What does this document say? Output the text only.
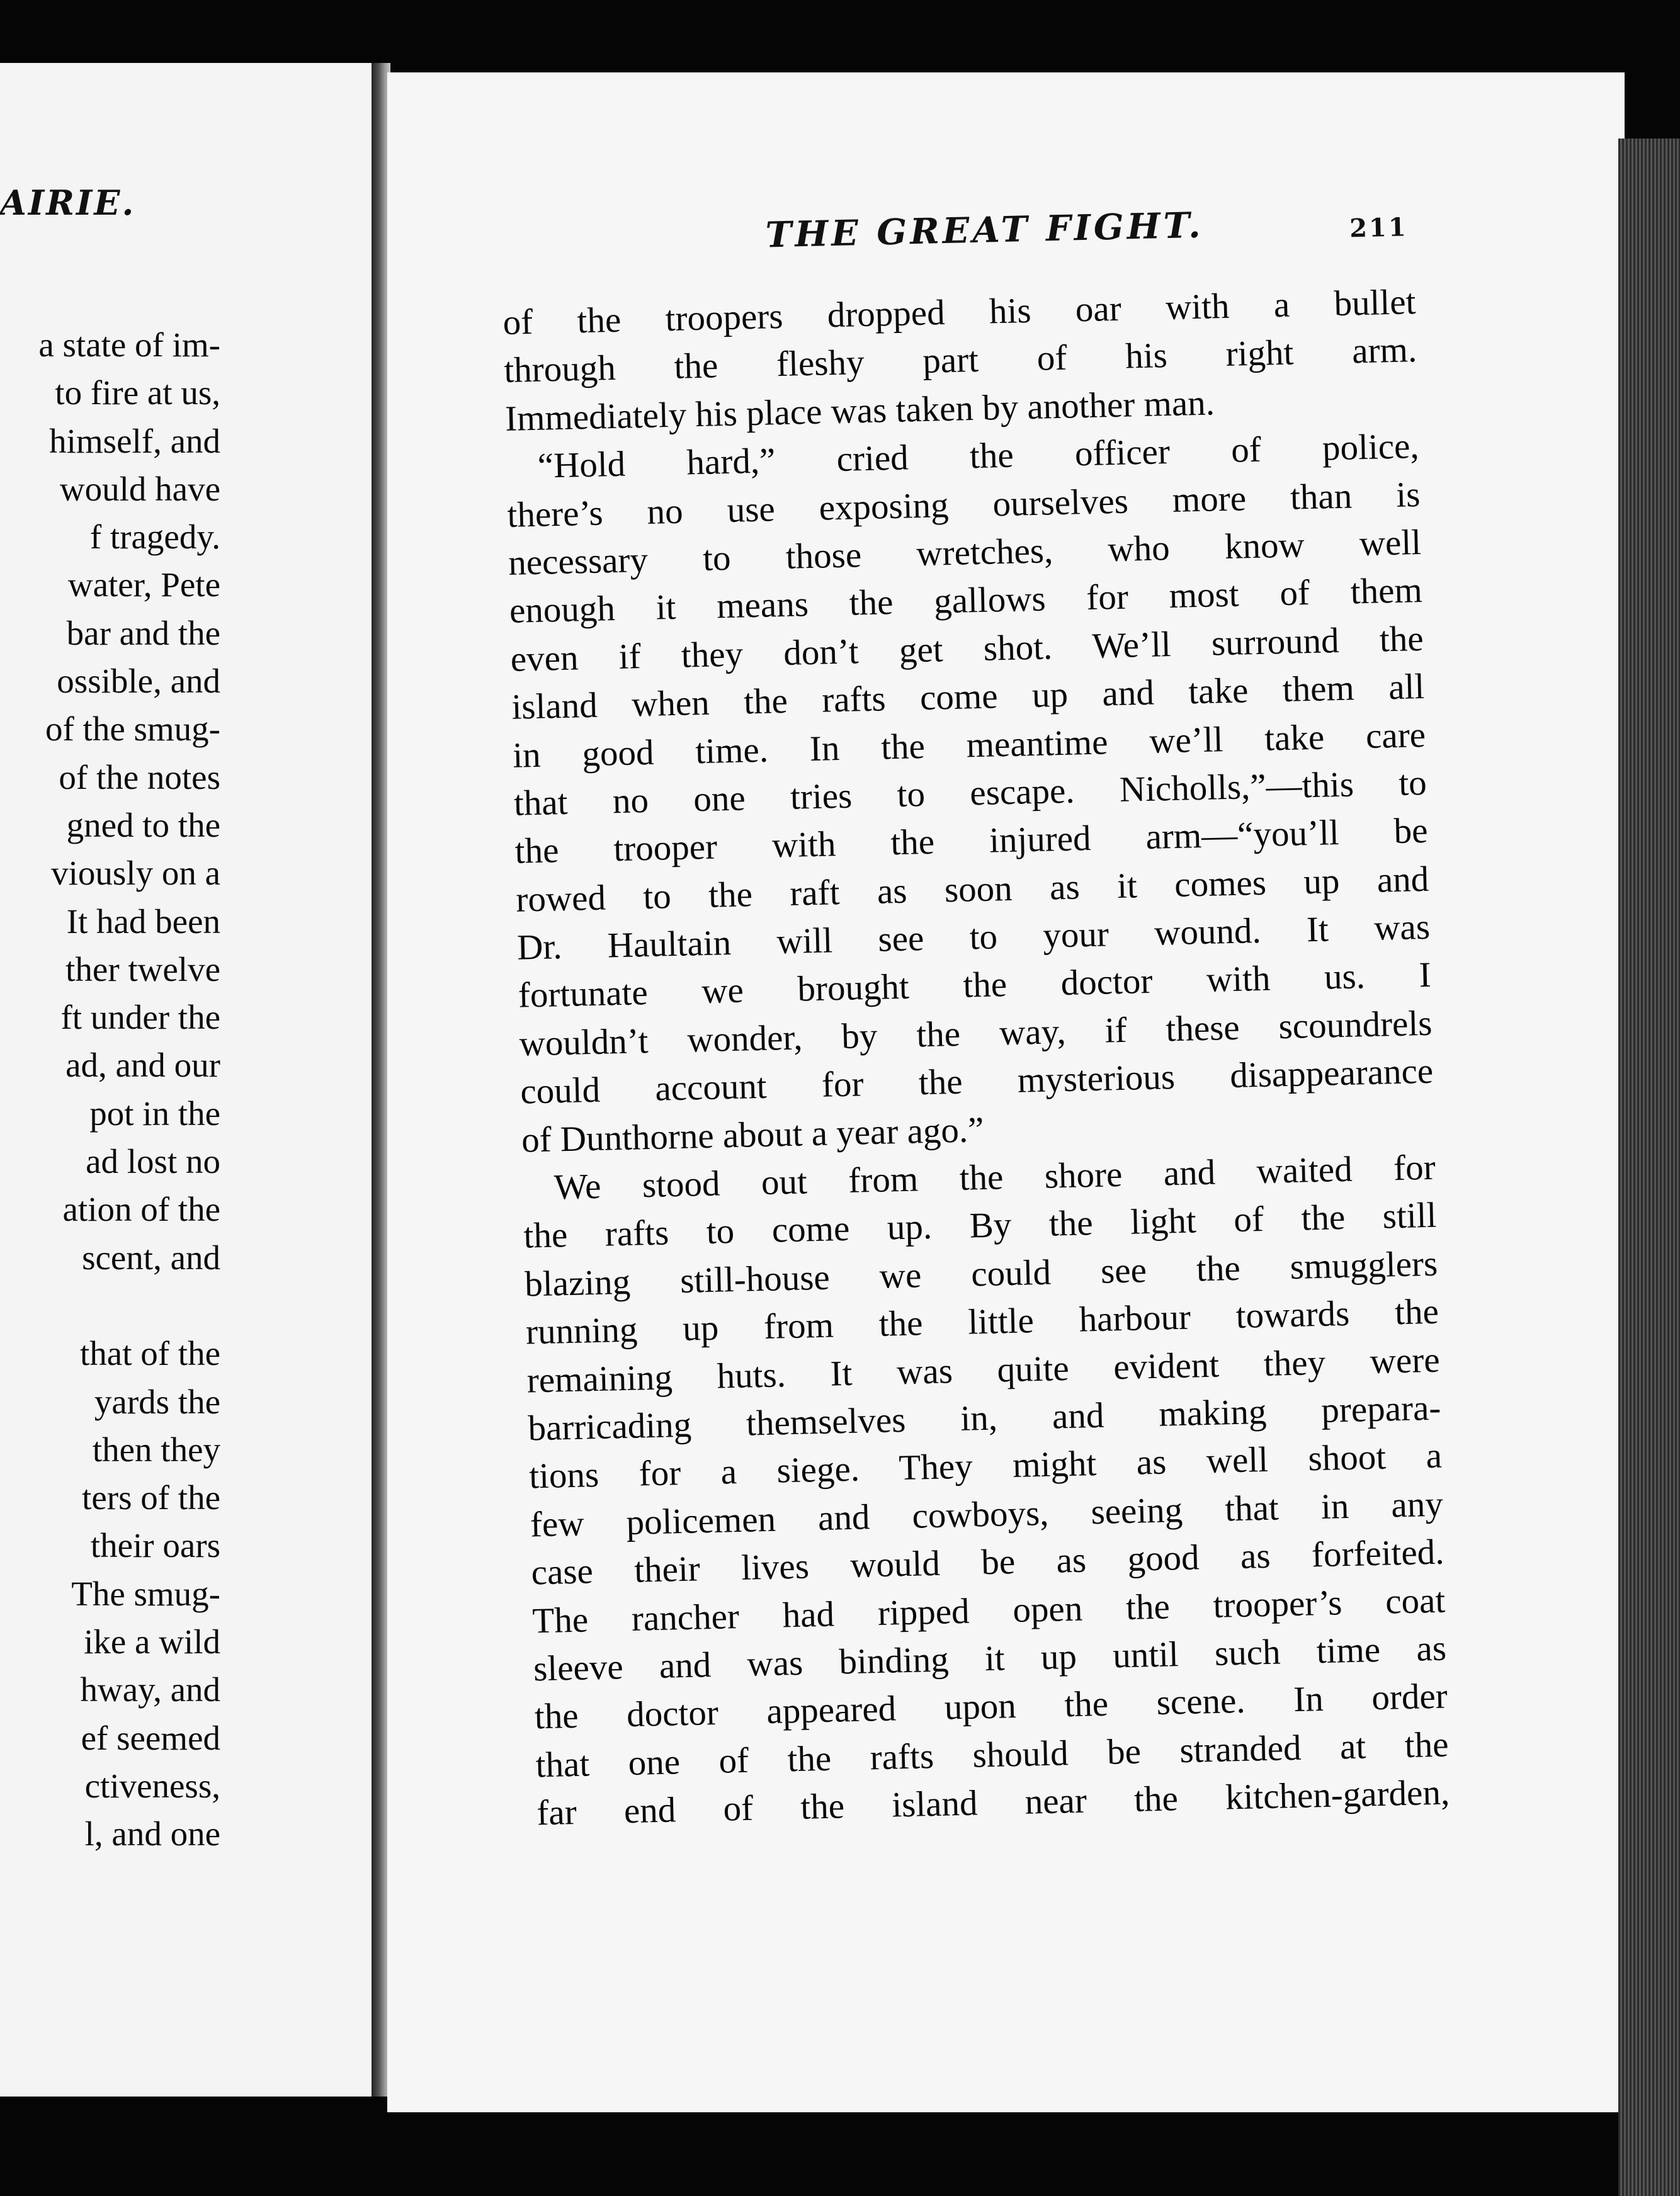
AIRIE.
a state of im-
to fire at us,
himself, and
would have
f tragedy.
water, Pete
bar and the
ossible, and
of the smug-
of the notes
gned to the
viously on a
It had been
ther twelve
ft under the
ad, and our
pot in the
ad lost no
ation of the
scent, and
that of the
yards the
then they
ters of the
their oars
The smug-
ike a wild
hway, and
ef seemed
ctiveness,
l, and one
THE GREAT FIGHT.	211
of the troopers dropped his oar with a bullet
through the fleshy part of his right arm.
Immediately his place was taken by another man.
“Hold hard,” cried the officer of police,
there’s no use exposing ourselves more than is
necessary to those wretches, who know well
enough it means the gallows for most of them
even if they don’t get shot. We’ll surround the
island when the rafts come up and take them all
in good time. In the meantime we’ll take care
that no one tries to escape. Nicholls,”—this to
the trooper with the injured arm—“you’ll be
rowed to the raft as soon as it comes up and
Dr. Haultain will see to your wound. It was
fortunate we brought the doctor with us. I
wouldn’t wonder, by the way, if these scoundrels
could account for the mysterious disappearance
of Dunthorne about a year ago.”
We stood out from the shore and waited for
the rafts to come up. By the light of the still
blazing still-house we could see the smugglers
running up from the little harbour towards the
remaining huts. It was quite evident they were
barricading themselves in, and making prepara-
tions for a siege. They might as well shoot a
few policemen and cowboys, seeing that in any
case their lives would be as good as forfeited.
The rancher had ripped open the trooper’s coat
sleeve and was binding it up until such time as
the doctor appeared upon the scene. In order
that one of the rafts should be stranded at the
far end of the island near the kitchen-garden,
